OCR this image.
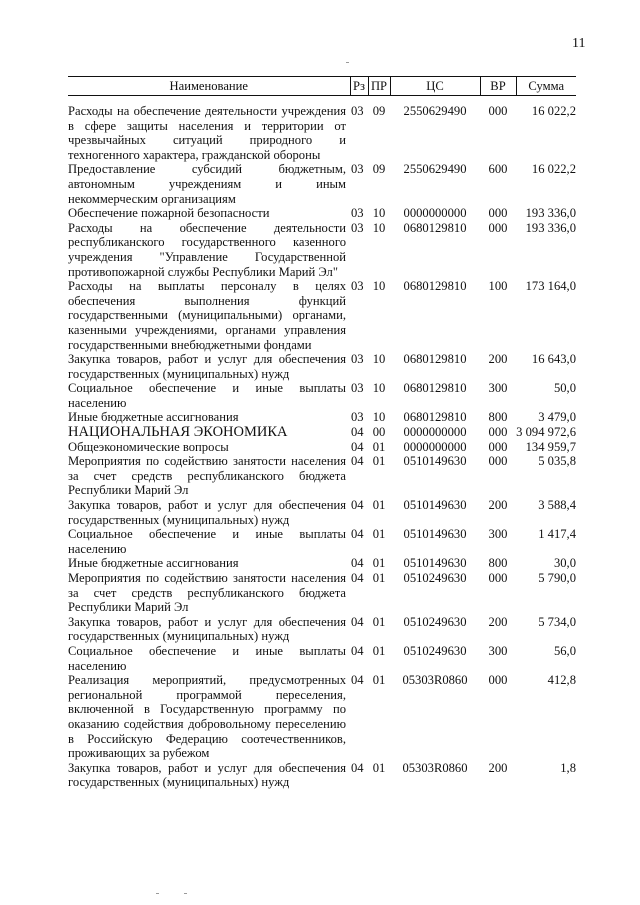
11
Наименование	Рз	ПР	ЦС	ВР	Сумма
Расходы на обеспечение деятельности учреждения в сфере защиты населения и территории от чрезвычайных ситуаций природного и техногенного характера, гражданской обороны	03	09	2550629490	000	16 022,2
Предоставление субсидий бюджетным, автономным учреждениям и иным некоммерческим организациям	03	09	2550629490	600	16 022,2
Обеспечение пожарной безопасности	03	10	0000000000	000	193 336,0
Расходы на обеспечение деятельности республиканского государственного казенного учреждения "Управление Государственной противопожарной службы Республики Марий Эл"	03	10	0680129810	000	193 336,0
Расходы на выплаты персоналу в целях обеспечения выполнения функций государственными (муниципальными) органами, казенными учреждениями, органами управления государственными внебюджетными фондами	03	10	0680129810	100	173 164,0
Закупка товаров, работ и услуг для обеспечения государственных (муниципальных) нужд	03	10	0680129810	200	16 643,0
Социальное обеспечение и иные выплаты населению	03	10	0680129810	300	50,0
Иные бюджетные ассигнования	03	10	0680129810	800	3 479,0
НАЦИОНАЛЬНАЯ ЭКОНОМИКА	04	00	0000000000	000	3 094 972,6
Общеэкономические вопросы	04	01	0000000000	000	134 959,7
Мероприятия по содействию занятости населения за счет средств республиканского бюджета Республики Марий Эл	04	01	0510149630	000	5 035,8
Закупка товаров, работ и услуг для обеспечения государственных (муниципальных) нужд	04	01	0510149630	200	3 588,4
Социальное обеспечение и иные выплаты населению	04	01	0510149630	300	1 417,4
Иные бюджетные ассигнования	04	01	0510149630	800	30,0
Мероприятия по содействию занятости населения за счет средств республиканского бюджета Республики Марий Эл	04	01	0510249630	000	5 790,0
Закупка товаров, работ и услуг для обеспечения государственных (муниципальных) нужд	04	01	0510249630	200	5 734,0
Социальное обеспечение и иные выплаты населению	04	01	0510249630	300	56,0
Реализация мероприятий, предусмотренных региональной программой переселения, включенной в Государственную программу по оказанию содействия добровольному переселению в Российскую Федерацию соотечественников, проживающих за рубежом	04	01	05303R0860	000	412,8
Закупка товаров, работ и услуг для обеспечения государственных (муниципальных) нужд	04	01	05303R0860	200	1,8
